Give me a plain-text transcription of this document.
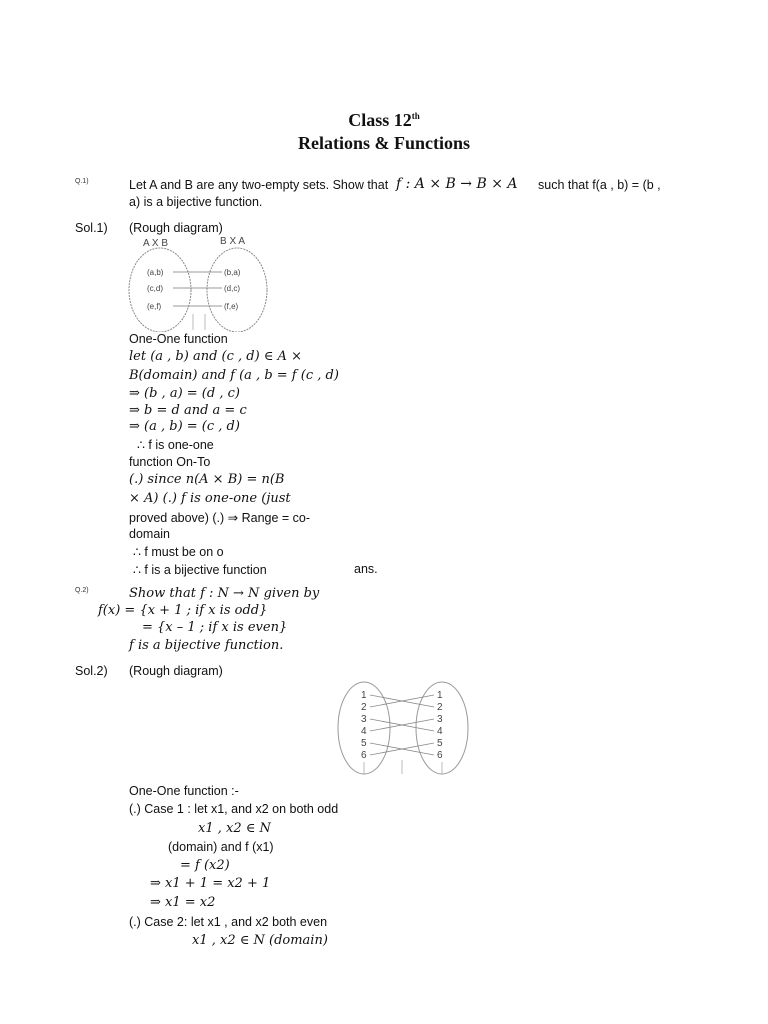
Class 12th
Relations & Functions
Q.1)	Let A and B are any two-empty sets. Show that f : A × B → B × A such that f(a , b) = (b ,
a) is a bijective function.
Sol.1) (Rough diagram)
A X B	B X A
(a,b)
(c,d)
(e,f)
(b,a)
(d,c)
(f,e)
One-One function
let (a , b) and (c , d) ∈ A ×
B(domain) and f (a , b = f (c , d)
⇒ (b , a) = (d , c)
⇒ b = d and a = c
⇒ (a , b) = (c , d)
∴ f is one-one
function On-To
(.) since n(A × B) = n(B
× A) (.) f is one-one (just
proved above) (.) ⇒ Range = co-
domain
∴ f must be on o
∴ f is a bijective function	ans.
Q.2)	Show that f : N → N given by
f(x) = {x + 1 ; if x is odd}
= {x – 1 ; if x is even}
f is a bijective function.
Sol.2) (Rough diagram)
1
2
3
4
5
6
1
2
3
4
5
6
One-One function :-
(.) Case 1 : let x1, and x2 on both odd
x1 , x2 ∈ N
(domain) and f (x1)
= f (x2)
⇒ x1 + 1 = x2 + 1
⇒ x1 = x2
(.) Case 2: let x1 , and x2 both even
x1 , x2 ∈ N (domain)
